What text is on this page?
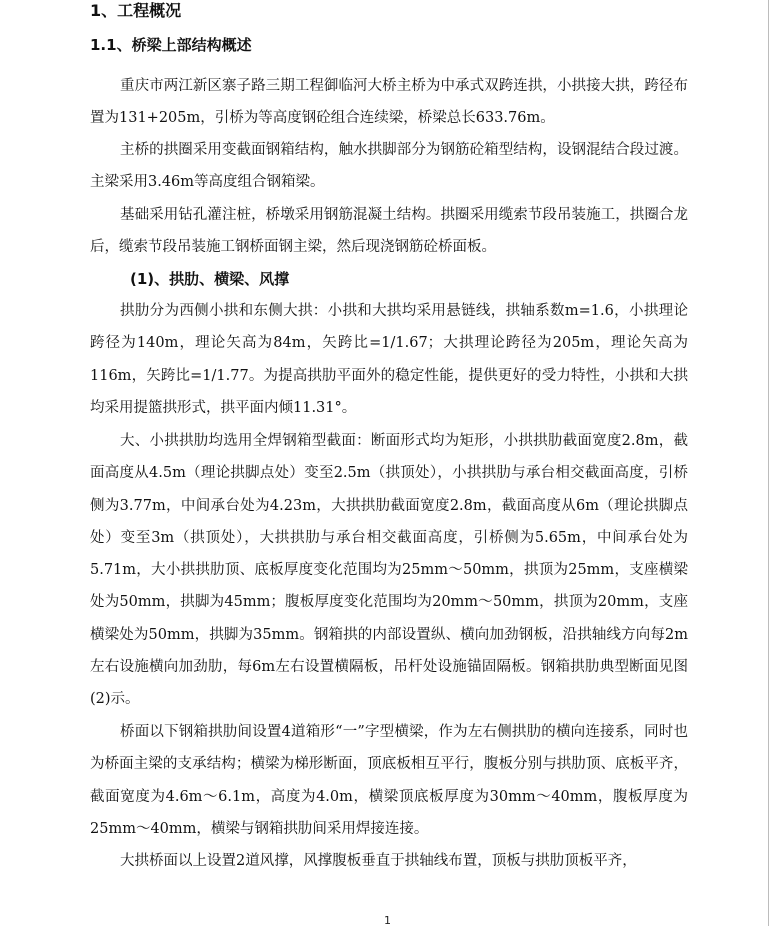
1、工程概况
1.1、桥梁上部结构概述

重庆市两江新区寨子路三期工程御临河大桥主桥为中承式双跨连拱，小拱接大拱，跨径布置为131+205m，引桥为等高度钢砼组合连续梁，桥梁总长633.76m。

主桥的拱圈采用变截面钢箱结构，触水拱脚部分为钢筋砼箱型结构，设钢混结合段过渡。主梁采用3.46m等高度组合钢箱梁。

基础采用钻孔灌注桩，桥墩采用钢筋混凝土结构。拱圈采用缆索节段吊装施工，拱圈合龙后，缆索节段吊装施工钢桥面钢主梁，然后现浇钢筋砼桥面板。

(1)、拱肋、横梁、风撑

拱肋分为西侧小拱和东侧大拱：小拱和大拱均采用悬链线，拱轴系数m=1.6，小拱理论跨径为140m，理论矢高为84m，矢跨比=1/1.67；大拱理论跨径为205m，理论矢高为116m，矢跨比=1/1.77。为提高拱肋平面外的稳定性能，提供更好的受力特性，小拱和大拱均采用提篮拱形式，拱平面内倾11.31°。

大、小拱拱肋均选用全焊钢箱型截面：断面形式均为矩形，小拱拱肋截面宽度2.8m，截面高度从4.5m（理论拱脚点处）变至2.5m（拱顶处），小拱拱肋与承台相交截面高度，引桥侧为3.77m，中间承台处为4.23m，大拱拱肋截面宽度2.8m，截面高度从6m（理论拱脚点处）变至3m（拱顶处），大拱拱肋与承台相交截面高度，引桥侧为5.65m，中间承台处为5.71m，大小拱拱肋顶、底板厚度变化范围均为25mm～50mm，拱顶为25mm，支座横梁处为50mm，拱脚为45mm；腹板厚度变化范围均为20mm～50mm，拱顶为20mm，支座横梁处为50mm，拱脚为35mm。钢箱拱的内部设置纵、横向加劲钢板，沿拱轴线方向每2m左右设施横向加劲肋，每6m左右设置横隔板，吊杆处设施锚固隔板。钢箱拱肋典型断面见图(2)示。

桥面以下钢箱拱肋间设置4道箱形“一”字型横梁，作为左右侧拱肋的横向连接系，同时也为桥面主梁的支承结构；横梁为梯形断面，顶底板相互平行，腹板分别与拱肋顶、底板平齐，截面宽度为4.6m～6.1m，高度为4.0m，横梁顶底板厚度为30mm～40mm，腹板厚度为25mm～40mm，横梁与钢箱拱肋间采用焊接连接。

大拱桥面以上设置2道风撑，风撑腹板垂直于拱轴线布置，顶板与拱肋顶板平齐，

1
